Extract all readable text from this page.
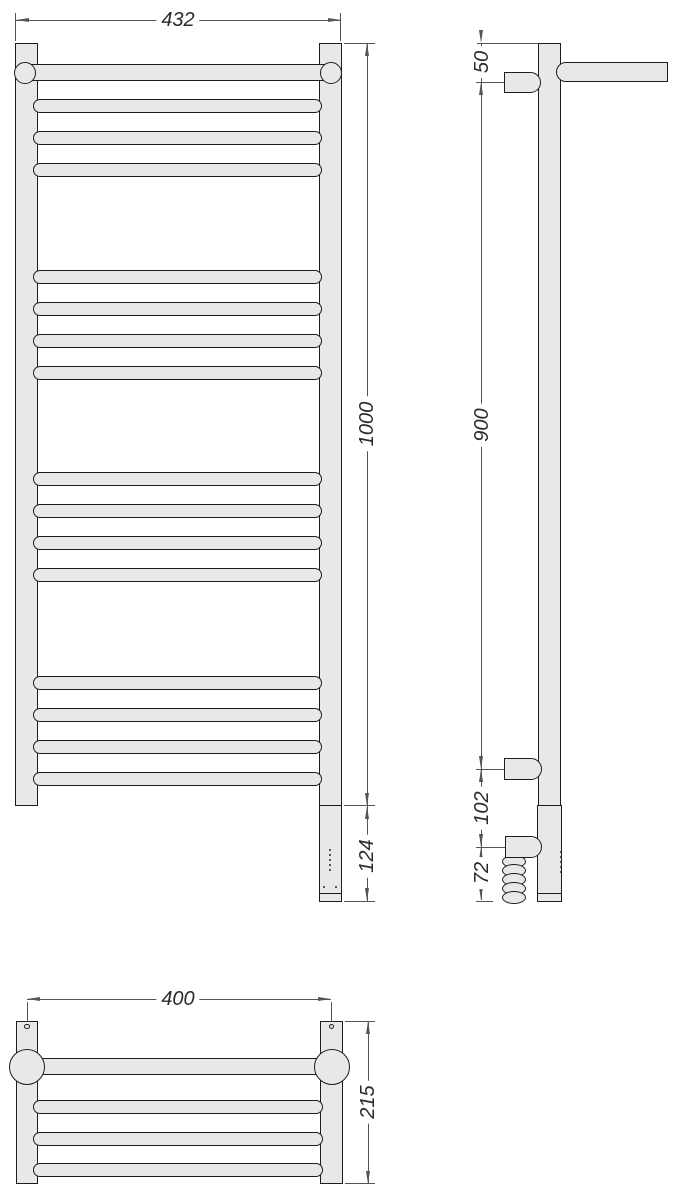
432
1000
124
50
900
102
72
400
215
